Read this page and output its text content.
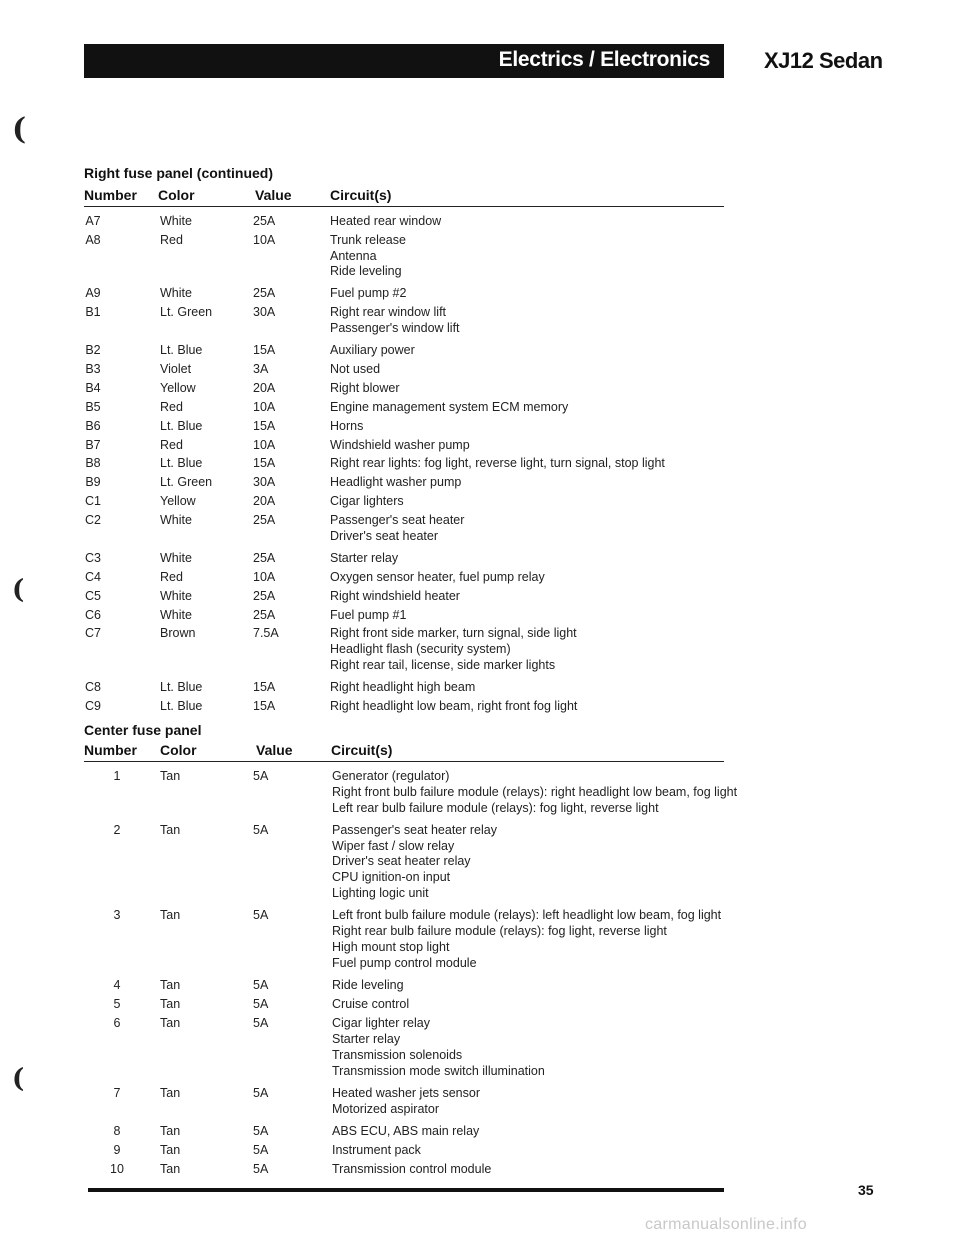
Electrics / Electronics XJ12 Sedan
(
(
(
Right fuse panel (continued)
Number Color	Value	Circuit(s)
A7	White	25A	Heated rear window
A8	Red	10A	Trunk release
Antenna
Ride leveling
A9	White	25A	Fuel pump #2
B1	Lt. Green	30A	Right rear window lift
Passenger's window lift
B2	Lt. Blue	15A	Auxiliary power
B3	Violet	3A	Not used
B4	Yellow	20A	Right blower
B5	Red	10A	Engine management system ECM memory
B6	Lt. Blue	15A	Horns
B7	Red	10A	Windshield washer pump
B8	Lt. Blue	15A	Right rear lights: fog light, reverse light, turn signal, stop light
B9	Lt. Green	30A	Headlight washer pump
C1	Yellow	20A	Cigar lighters
C2	White	25A	Passenger's seat heater
Driver's seat heater
C3	White	25A	Starter relay
C4	Red	10A	Oxygen sensor heater, fuel pump relay
C5	White	25A	Right windshield heater
C6	White	25A	Fuel pump #1
C7	Brown	7.5A	Right front side marker, turn signal, side light
Headlight flash (security system)
Right rear tail, license, side marker lights
C8	Lt. Blue	15A	Right headlight high beam
C9	Lt. Blue	15A	Right headlight low beam, right front fog light
Center fuse panel
Number Color	Value	Circuit(s)
1	Tan	5A	Generator (regulator)
Right front bulb failure module (relays): right headlight low beam, fog light
Left rear bulb failure module (relays): fog light, reverse light
2	Tan	5A	Passenger's seat heater relay
Wiper fast / slow relay
Driver's seat heater relay
CPU ignition-on input
Lighting logic unit
3	Tan	5A	Left front bulb failure module (relays): left headlight low beam, fog light
Right rear bulb failure module (relays): fog light, reverse light
High mount stop light
Fuel pump control module
4	Tan	5A	Ride leveling
5	Tan	5A	Cruise control
6	Tan	5A	Cigar lighter relay
Starter relay
Transmission solenoids
Transmission mode switch illumination
7	Tan	5A	Heated washer jets sensor
Motorized aspirator
8	Tan	5A	ABS ECU, ABS main relay
9	Tan	5A	Instrument pack
10	Tan	5A	Transmission control module
35
carmanualsonline.info
